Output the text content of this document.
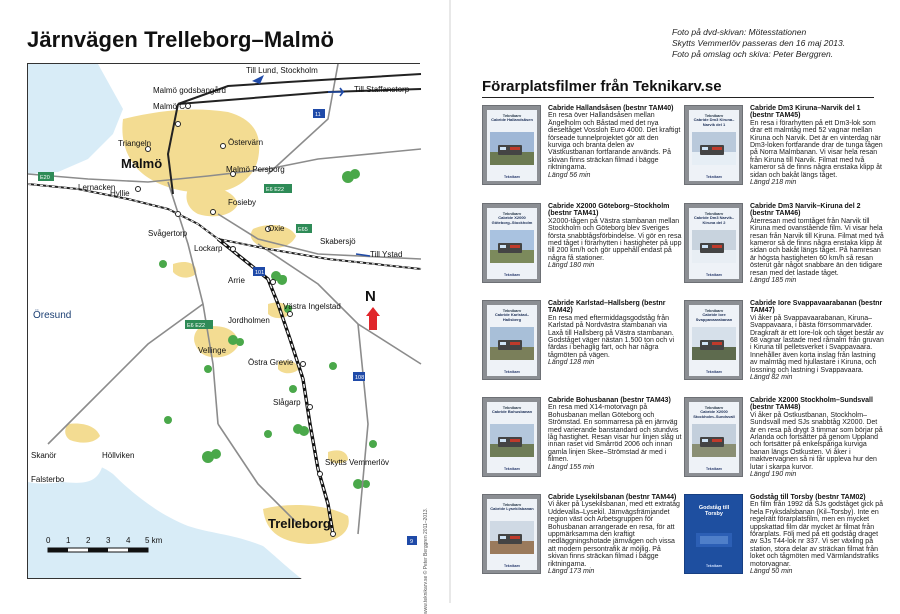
Järnvägen Trelleborg–Malmö
11
E20
E6 E22
E65
101
E6 E22
108
9
Till Lund, Stockholm
Till Staffanstorp
Malmö godsbangård
Malmö C
Triangeln	Östervärn
Malmö	Malmö Persborg
Lernacken
Hyllie
Fosieby
Svågertorp
Oxie
Skabersjö
Till Ystad
Lockarp
Arrie
Västra Ingelstad
Öresund	Jordholmen
Vellinge
Östra Grevie
Slågarp
Skanör	Höllviken
Skytts Vemmerlöv
Falsterbo
Trelleborg	www.teknikarv.se © Peter Berggren 2011–2013.
N
0 1 2 3 4 5 km
Foto på dvd-skivan: Mötesstationen
Skytts Vemmerlöv passeras den 16 maj 2013.
Foto på omslag och skiva: Peter Berggren.
Förarplatsfilmer från Teknikarv.se
Teknikarv
Cabride Hallandsåsen
Teknikarv
Cabride Hallandsåsen (bestnr TAM40)
En resa över Hallandsåsen mellan Ängelholm och Båstad med det nya dieseltåget Vossloh Euro 4000. Det kraftigt förseade tunnelprojektet gör att den kurviga och branta delen av Västkustbanan fortfarande används. På skivan finns sträckan filmad i bägge riktningarna.
Längd 56 min
Teknikarv
Cabride Dm3 Kiruna–Narvik del 1
Teknikarv
Cabride Dm3 Kiruna–Narvik del 1 (bestnr TAM45)
En resa i förarhytten på ett Dm3-lok som drar ett malmtåg med 52 vagnar mellan Kiruna och Narvik. Det är en vinterdag när Dm3-loken fortfarande drar de tunga tågen på Norra Malmbanan. Vi visar hela resan från Kiruna till Narvik. Filmat med två kameror så de finns några enstaka klipp åt sidan och bakåt längs tåget.
Längd 218 min
Teknikarv
Cabride X2000 Göteborg–Stockholm
Teknikarv
Cabride X2000 Göteborg–Stockholm (bestnr TAM41)
X2000-tågen på Västra stambanan mellan Stockholm och Göteborg blev Sveriges första snabbtågsförbindelse. Vi gör en resa med tåget i förarhytten i hastigheter på upp till 200 km/h och gör uppehåll endast på några få stationer.
Längd 180 min
Teknikarv
Cabride Dm3 Narvik–Kiruna del 2
Teknikarv
Cabride Dm3 Narvik–Kiruna del 2 (bestnr TAM46)
Återresan med tomtåget från Narvik till Kiruna med ovanstående film. Vi visar hela resan från Narvik till Kiruna. Filmat med två kameror så de finns några enstaka klipp åt sidan och bakåt längs tåget. På hamresan är högsta hastigheten 60 km/h så resan österut går något snabbare än den tidigare resan med det lastade tåget.
Längd 185 min
Teknikarv
Cabride Karlstad–Hallsberg
Teknikarv
Cabride Karlstad–Hallsberg (bestnr TAM42)
En resa med eftermiddagsgodståg från Karlstad på Nordvästra stambanan via Laxå till Hallsberg på Västra stambanan. Godståget väger nästan 1.500 ton och vi färdas i behaglig fart, och har några tågmöten på vägen.
Längd 128 min
Teknikarv
Cabride Iore Svappavaarabanan
Teknikarv
Cabride Iore Svappavaarabanan (bestnr TAM47)
Vi åker på Svappavaarabanan, Kiruna–Svappavaara, i bästa förrsommarväder. Dragkraft är ett Iore-lok och tåget består av 68 vagnar lastade med råmalm från gruvan i Kiruna till pelletsverket i Svappavaara. Innehåller även korta inslag från lastning av malmtåg med hjullastare i Kiruna, och lossning och lastning i Svappavaara.
Längd 82 min
Teknikarv
Cabride Bohusbanan
Teknikarv
Cabride Bohusbanan (bestnr TAM43)
En resa med X14-motorvagn på Bohusbanan mellan Göteborg och Strömstad. En sommarresa på en järnväg med varierande banstandard och stundvis låg hastighet. Resan visar hur linjen slåg ut innan raset vid Smårröd 2006 och innan gamla linjen Skee–Strömstad är med i filmen.
Längd 155 min
Teknikarv
Cabride X2000 Stockholm–Sundsvall
Teknikarv
Cabride X2000 Stockholm–Sundsvall (bestnr TAM48)
Vi åker på Ostkustbanan, Stockholm–Sundsvall med SJs snabbtåg X2000. Det är en resa på drygt 3 timmar som börjar på Arlanda och fortsätter på genom Uppland och fortsätter på enkelspåriga kurviga banan längs Ostkusten. Vi åker i maktvervagnen så ni får uppleva hur den lutar i skarpa kurvor.
Längd 190 min
Teknikarv
Cabride Lysekilsbanan
Teknikarv
Cabride Lysekilsbanan (bestnr TAM44)
Vi åker på Lysekilsbanan, med ett extratåg Uddevalla–Lysekil. Järnvägsfrämjandet region väst och Arbetsgruppen för Bohusbanan arrangerade en resa, för att uppmärksamma den kraftigt nedläggningshotade järnvägen och vissa att modern persontrafik är möjlig. På skivan finns sträckan filmad i bägge riktningarna.
Längd 173 min
Godståg till Torsby
Teknikarv
Godståg till Torsby (bestnr TAM02)
En film från 1992 då SJs godståget gick på hela Fryksdalsbanan (Kil–Torsby). Inte en regelrätt förarplatsfilm, men en mycket uppskattad film där mycket är filmat från förarplats. Följ med på ett godståg draget av SJs T44-lok nr 337. Vi ser växling på station, stora delar av sträckan filmat från loket och tågmöten med Värmlandstrafiks motorvagnar.
Längd 50 min
